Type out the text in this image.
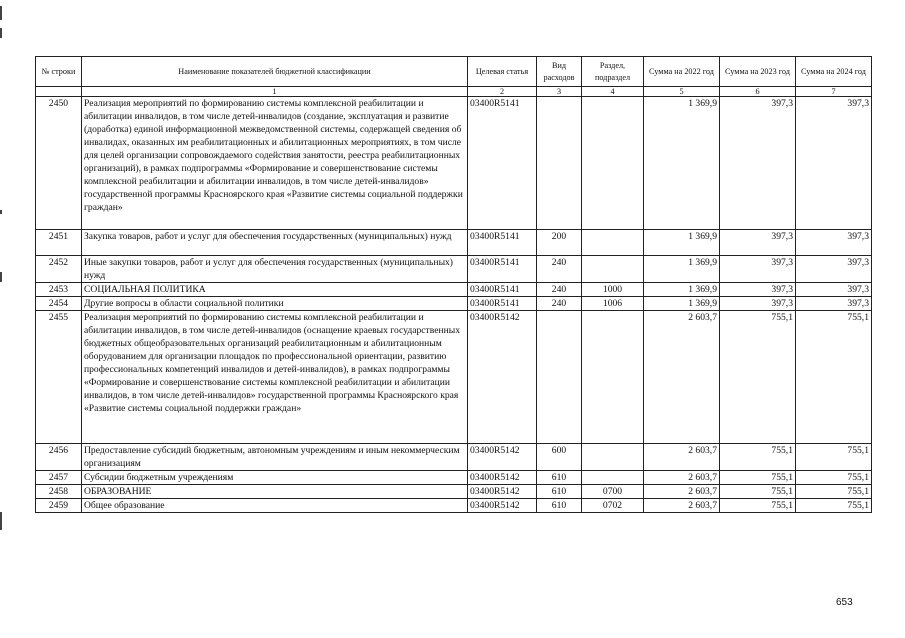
№ строки	Наименование показателей бюджетной классификации	Целевая статья	Вид расходов	Раздел, подраздел	Сумма на 2022 год	Сумма на 2023 год	Сумма на 2024 год
	1	2	3	4	5	6	7
2450	Реализация мероприятий по формированию системы комплексной реабилитации и абилитации инвалидов, в том числе детей-инвалидов (создание, эксплуатация и развитие (доработка) единой информационной межведомственной системы, содержащей сведения об инвалидах, оказанных им реабилитационных и абилитационных мероприятиях, в том числе для целей организации сопровождаемого содействия занятости, реестра реабилитационных организаций), в рамках подпрограммы «Формирование и совершенствование системы комплексной реабилитации и абилитации инвалидов, в том числе детей-инвалидов» государственной программы Красноярского края «Развитие системы социальной поддержки граждан»	03400R5141			1 369,9	397,3	397,3
2451	Закупка товаров, работ и услуг для обеспечения государственных (муниципальных) нужд	03400R5141	200		1 369,9	397,3	397,3
2452	Иные закупки товаров, работ и услуг для обеспечения государственных (муниципальных) нужд	03400R5141	240		1 369,9	397,3	397,3
2453	СОЦИАЛЬНАЯ ПОЛИТИКА	03400R5141	240	1000	1 369,9	397,3	397,3
2454	Другие вопросы в области социальной политики	03400R5141	240	1006	1 369,9	397,3	397,3
2455	Реализация мероприятий по формированию системы комплексной реабилитации и абилитации инвалидов, в том числе детей-инвалидов (оснащение краевых государственных бюджетных общеобразовательных организаций реабилитационным и абилитационным оборудованием для организации площадок по профессиональной ориентации, развитию профессиональных компетенций инвалидов и детей-инвалидов), в рамках подпрограммы «Формирование и совершенствование системы комплексной реабилитации и абилитации инвалидов, в том числе детей-инвалидов» государственной программы Красноярского края «Развитие системы социальной поддержки граждан»	03400R5142			2 603,7	755,1	755,1
2456	Предоставление субсидий бюджетным, автономным учреждениям и иным некоммерческим организациям	03400R5142	600		2 603,7	755,1	755,1
2457	Субсидии бюджетным учреждениям	03400R5142	610		2 603,7	755,1	755,1
2458	ОБРАЗОВАНИЕ	03400R5142	610	0700	2 603,7	755,1	755,1
2459	Общее образование	03400R5142	610	0702	2 603,7	755,1	755,1
653
